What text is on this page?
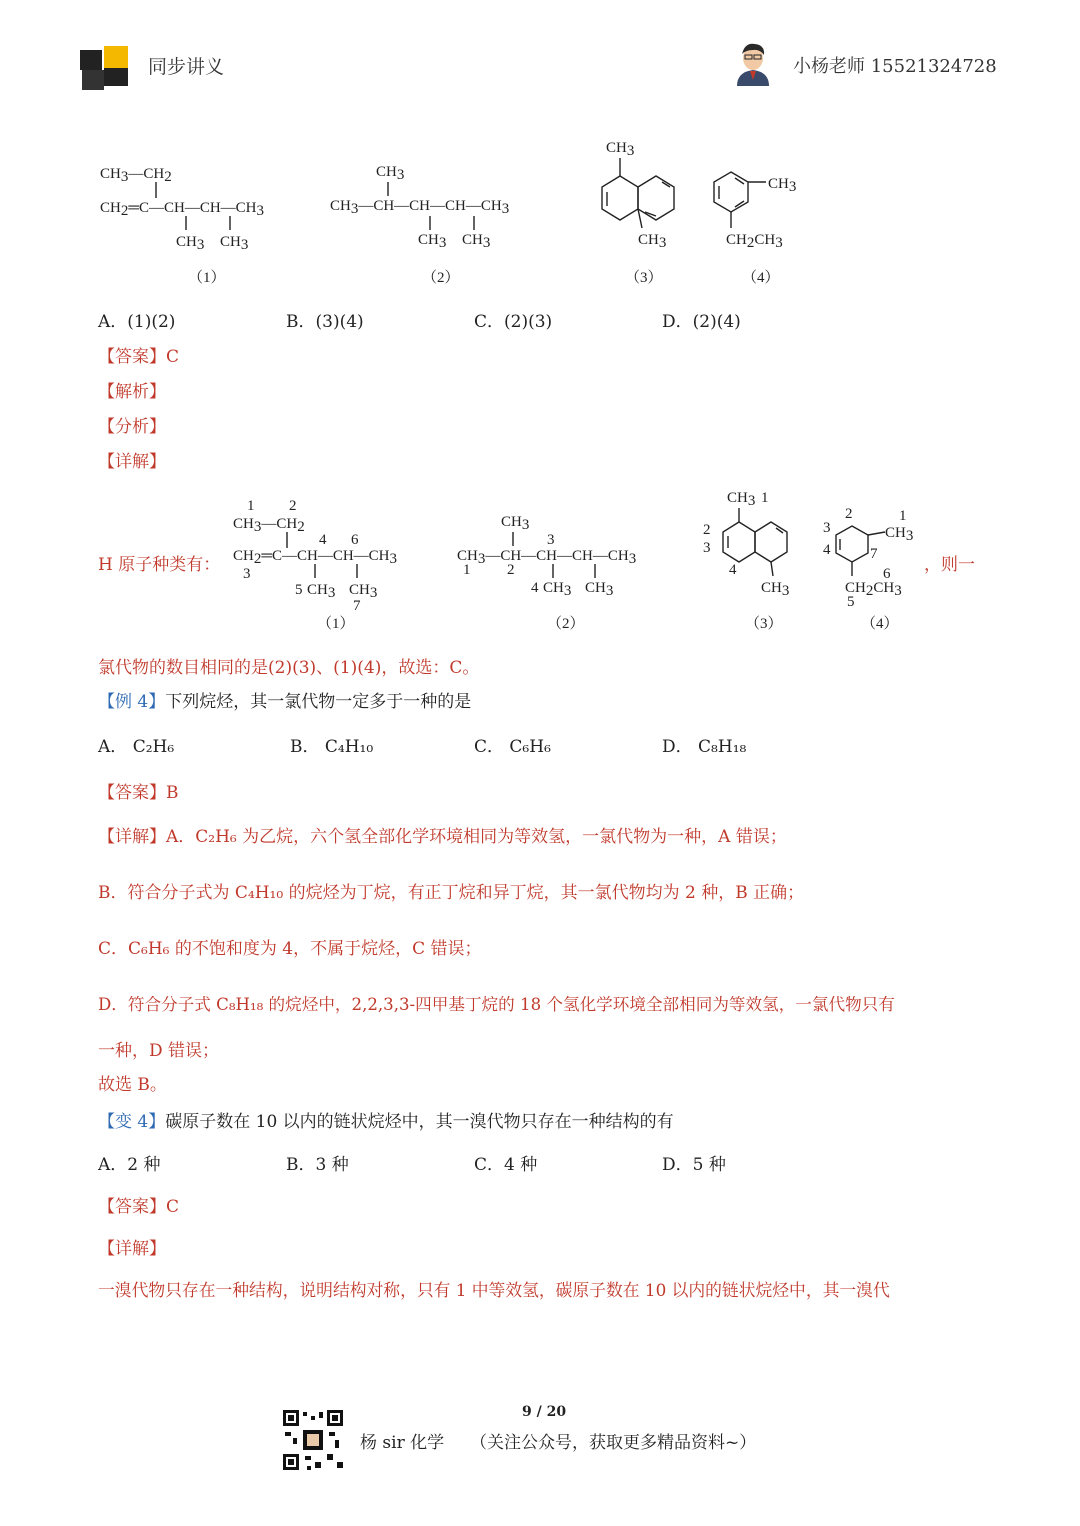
同步讲义	小杨老师 15521324728
CH3—CH2
CH2═C—CH—CH—CH3
CH3 CH3
CH3
CH3—CH—CH—CH—CH3
CH3 CH3
CH3
CH3
CH3
CH2CH3
（1）	（2）	（3）	（4）
A．(1)(2)	B．(3)(4)	C．(2)(3)	D．(2)(4)
【答案】C
【解析】
【分析】
【详解】
H 原子种类有：
1 2
CH3—CH2
4 6
CH2═C—CH—CH—CH3
3
5 CH3 CH3
7
（1）
CH3
3
CH3—CH—CH—CH—CH3
1 2
4 CH3 CH3
（2）
CH3 1
2
3
4
CH3
（3）
2	1
CH3
3
4	7
6
CH2CH3
5
（4）
，则一
氯代物的数目相同的是(2)(3)、(1)(4)，故选：C。
【例 4】下列烷烃，其一氯代物一定多于一种的是
A． C₂H₆	B． C₄H₁₀	C． C₆H₆	D． C₈H₁₈
【答案】B
【详解】A．C₂H₆ 为乙烷，六个氢全部化学环境相同为等效氢，一氯代物为一种，A 错误；
B．符合分子式为 C₄H₁₀ 的烷烃为丁烷，有正丁烷和异丁烷，其一氯代物均为 2 种，B 正确；
C．C₆H₆ 的不饱和度为 4，不属于烷烃，C 错误；
D．符合分子式 C₈H₁₈ 的烷烃中，2,2,3,3-四甲基丁烷的 18 个氢化学环境全部相同为等效氢，一氯代物只有
一种，D 错误；
故选 B。
【变 4】碳原子数在 10 以内的链状烷烃中，其一溴代物只存在一种结构的有
A．2 种	B．3 种	C．4 种	D．5 种
【答案】C
【详解】
一溴代物只存在一种结构，说明结构对称，只有 1 中等效氢，碳原子数在 10 以内的链状烷烃中，其一溴代
9 / 20
杨 sir 化学 （关注公众号，获取更多精品资料~）
